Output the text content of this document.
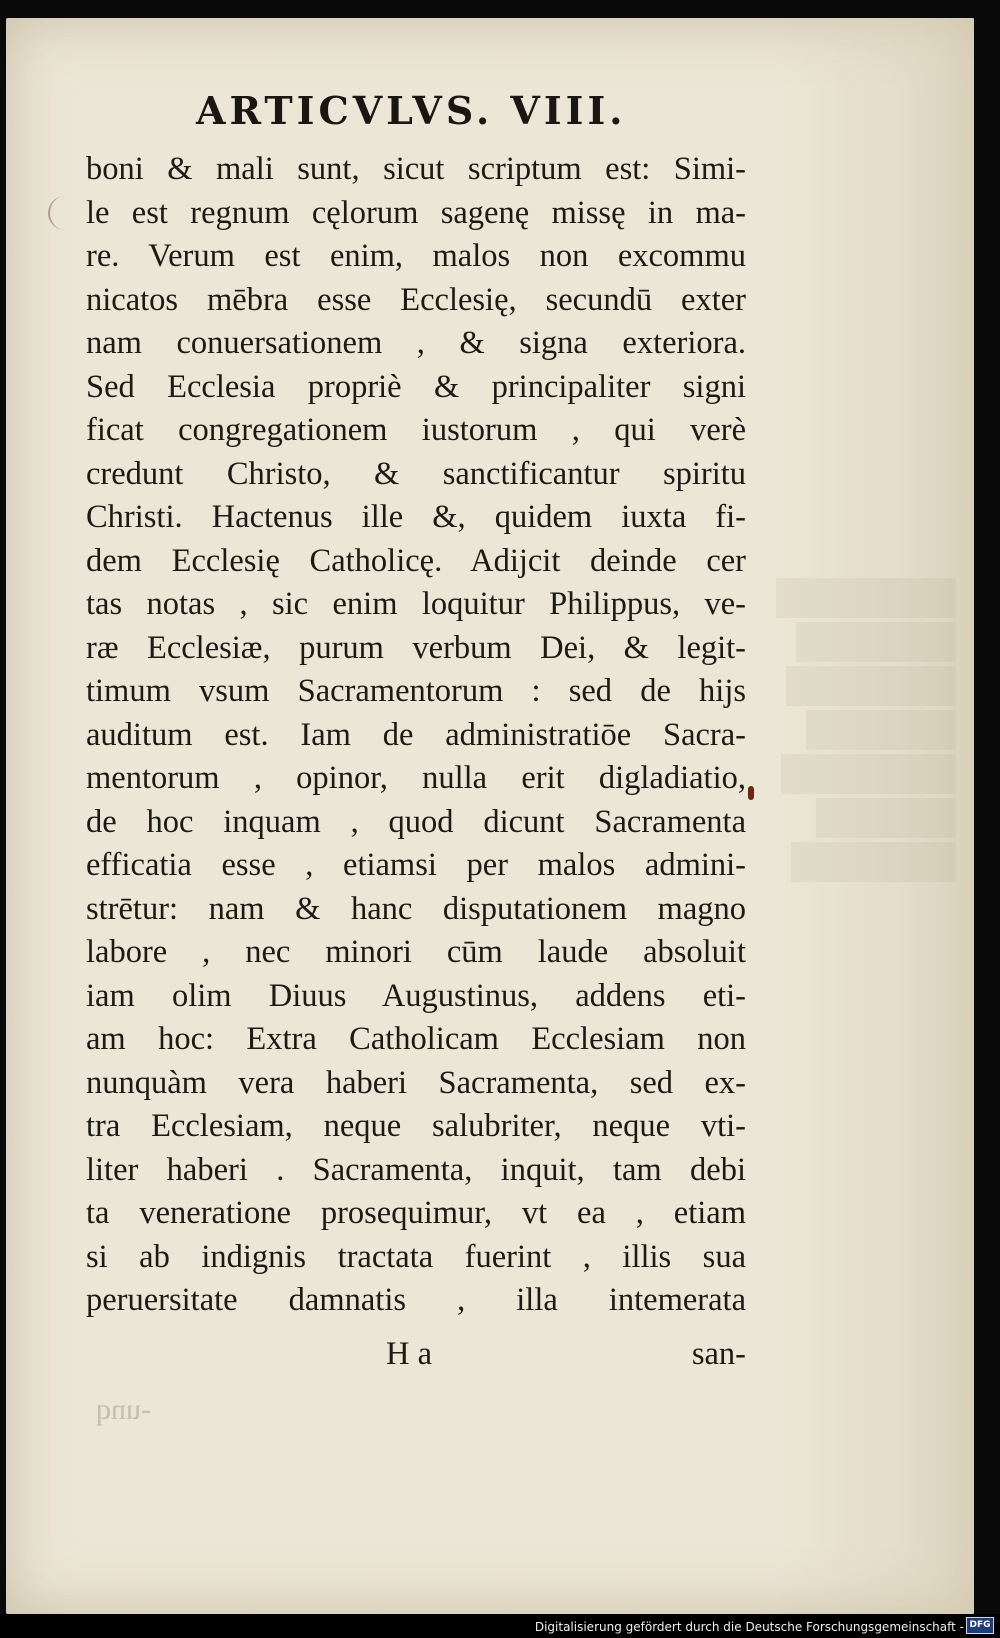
ARTICVLVS. VIII.
boni & mali sunt, sicut scriptum est: Simi-
le est regnum cęlorum sagenę missę in ma-
re. Verum est enim, malos non excommu
nicatos mēbra esse Ecclesię, secundū exter
nam conuersationem , & signa exteriora.
Sed Ecclesia propriè & principaliter signi
ficat congregationem iustorum , qui verè
credunt Christo, & sanctificantur spiritu
Christi. Hactenus ille &, quidem iuxta fi-
dem Ecclesię Catholicę. Adijcit deinde cer
tas notas , sic enim loquitur Philippus, ve-
ræ Ecclesiæ, purum verbum Dei, & legit-
timum vsum Sacramentorum : sed de hijs
auditum est. Iam de administratiōe Sacra-
mentorum , opinor, nulla erit digladiatio,
de hoc inquam , quod dicunt Sacramenta
efficatia esse , etiamsi per malos admini-
strētur: nam & hanc disputationem magno
labore , nec minori cūm laude absoluit
iam olim Diuus Augustinus, addens eti-
am hoc: Extra Catholicam Ecclesiam non
nunquàm vera haberi Sacramenta, sed ex-
tra Ecclesiam, neque salubriter, neque vti-
liter haberi . Sacramenta, inquit, tam debi
ta veneratione prosequimur, vt ea , etiam
si ab indignis tractata fuerint , illis sua
peruersitate damnatis , illa intemerata
H a	san-
-unq
Digitalisierung gefördert durch die Deutsche Forschungsgemeinschaft - DFG
